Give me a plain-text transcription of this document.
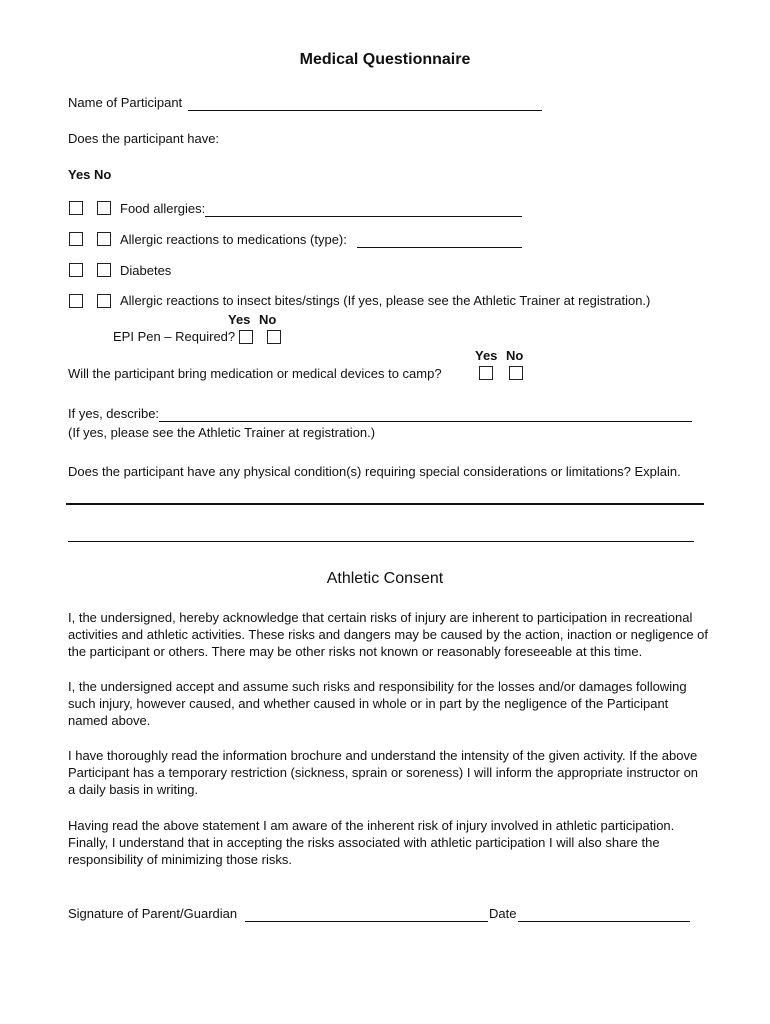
Medical Questionnaire
Name of Participant
Does the participant have:
Yes No
Food allergies:
Allergic reactions to medications (type):
Diabetes
Allergic reactions to insect bites/stings (If yes, please see the Athletic Trainer at registration.)
Yes No
EPI Pen – Required?
Yes No
Will the participant bring medication or medical devices to camp?
If yes, describe:
(If yes, please see the Athletic Trainer at registration.)
Does the participant have any physical condition(s) requiring special considerations or limitations? Explain.
Athletic Consent
I, the undersigned, hereby acknowledge that certain risks of injury are inherent to participation in recreational activities and athletic activities. These risks and dangers may be caused by the action, inaction or negligence of the participant or others. There may be other risks not known or reasonably foreseeable at this time.
I, the undersigned accept and assume such risks and responsibility for the losses and/or damages following such injury, however caused, and whether caused in whole or in part by the negligence of the Participant named above.
I have thoroughly read the information brochure and understand the intensity of the given activity. If the above Participant has a temporary restriction (sickness, sprain or soreness) I will inform the appropriate instructor on a daily basis in writing.
Having read the above statement I am aware of the inherent risk of injury involved in athletic participation. Finally, I understand that in accepting the risks associated with athletic participation I will also share the responsibility of minimizing those risks.
Signature of Parent/Guardian	Date
